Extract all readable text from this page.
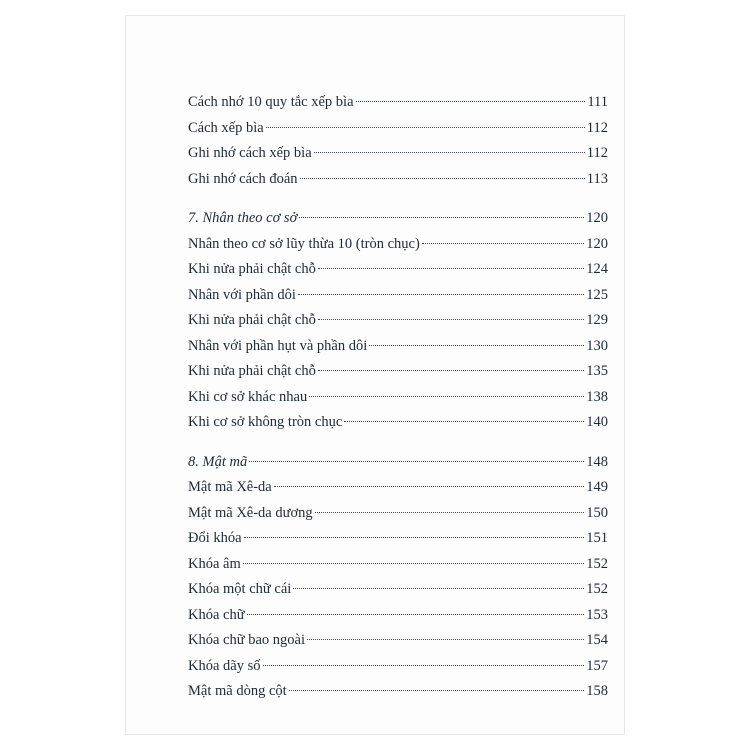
Cách nhớ 10 quy tắc xếp bìa	111
Cách xếp bìa	112
Ghi nhớ cách xếp bìa	112
Ghi nhớ cách đoán	113
7. Nhân theo cơ sở	120
Nhân theo cơ sở lũy thừa 10 (tròn chục)	120
Khi nửa phải chật chỗ	124
Nhân với phần dôi	125
Khi nửa phải chật chỗ	129
Nhân với phần hụt và phần dôi	130
Khi nửa phải chật chỗ	135
Khi cơ sở khác nhau	138
Khi cơ sở không tròn chục	140
8. Mật mã	148
Mật mã Xê-da	149
Mật mã Xê-da dương	150
Đổi khóa	151
Khóa âm	152
Khóa một chữ cái	152
Khóa chữ	153
Khóa chữ bao ngoài	154
Khóa dãy số	157
Mật mã dòng cột	158
